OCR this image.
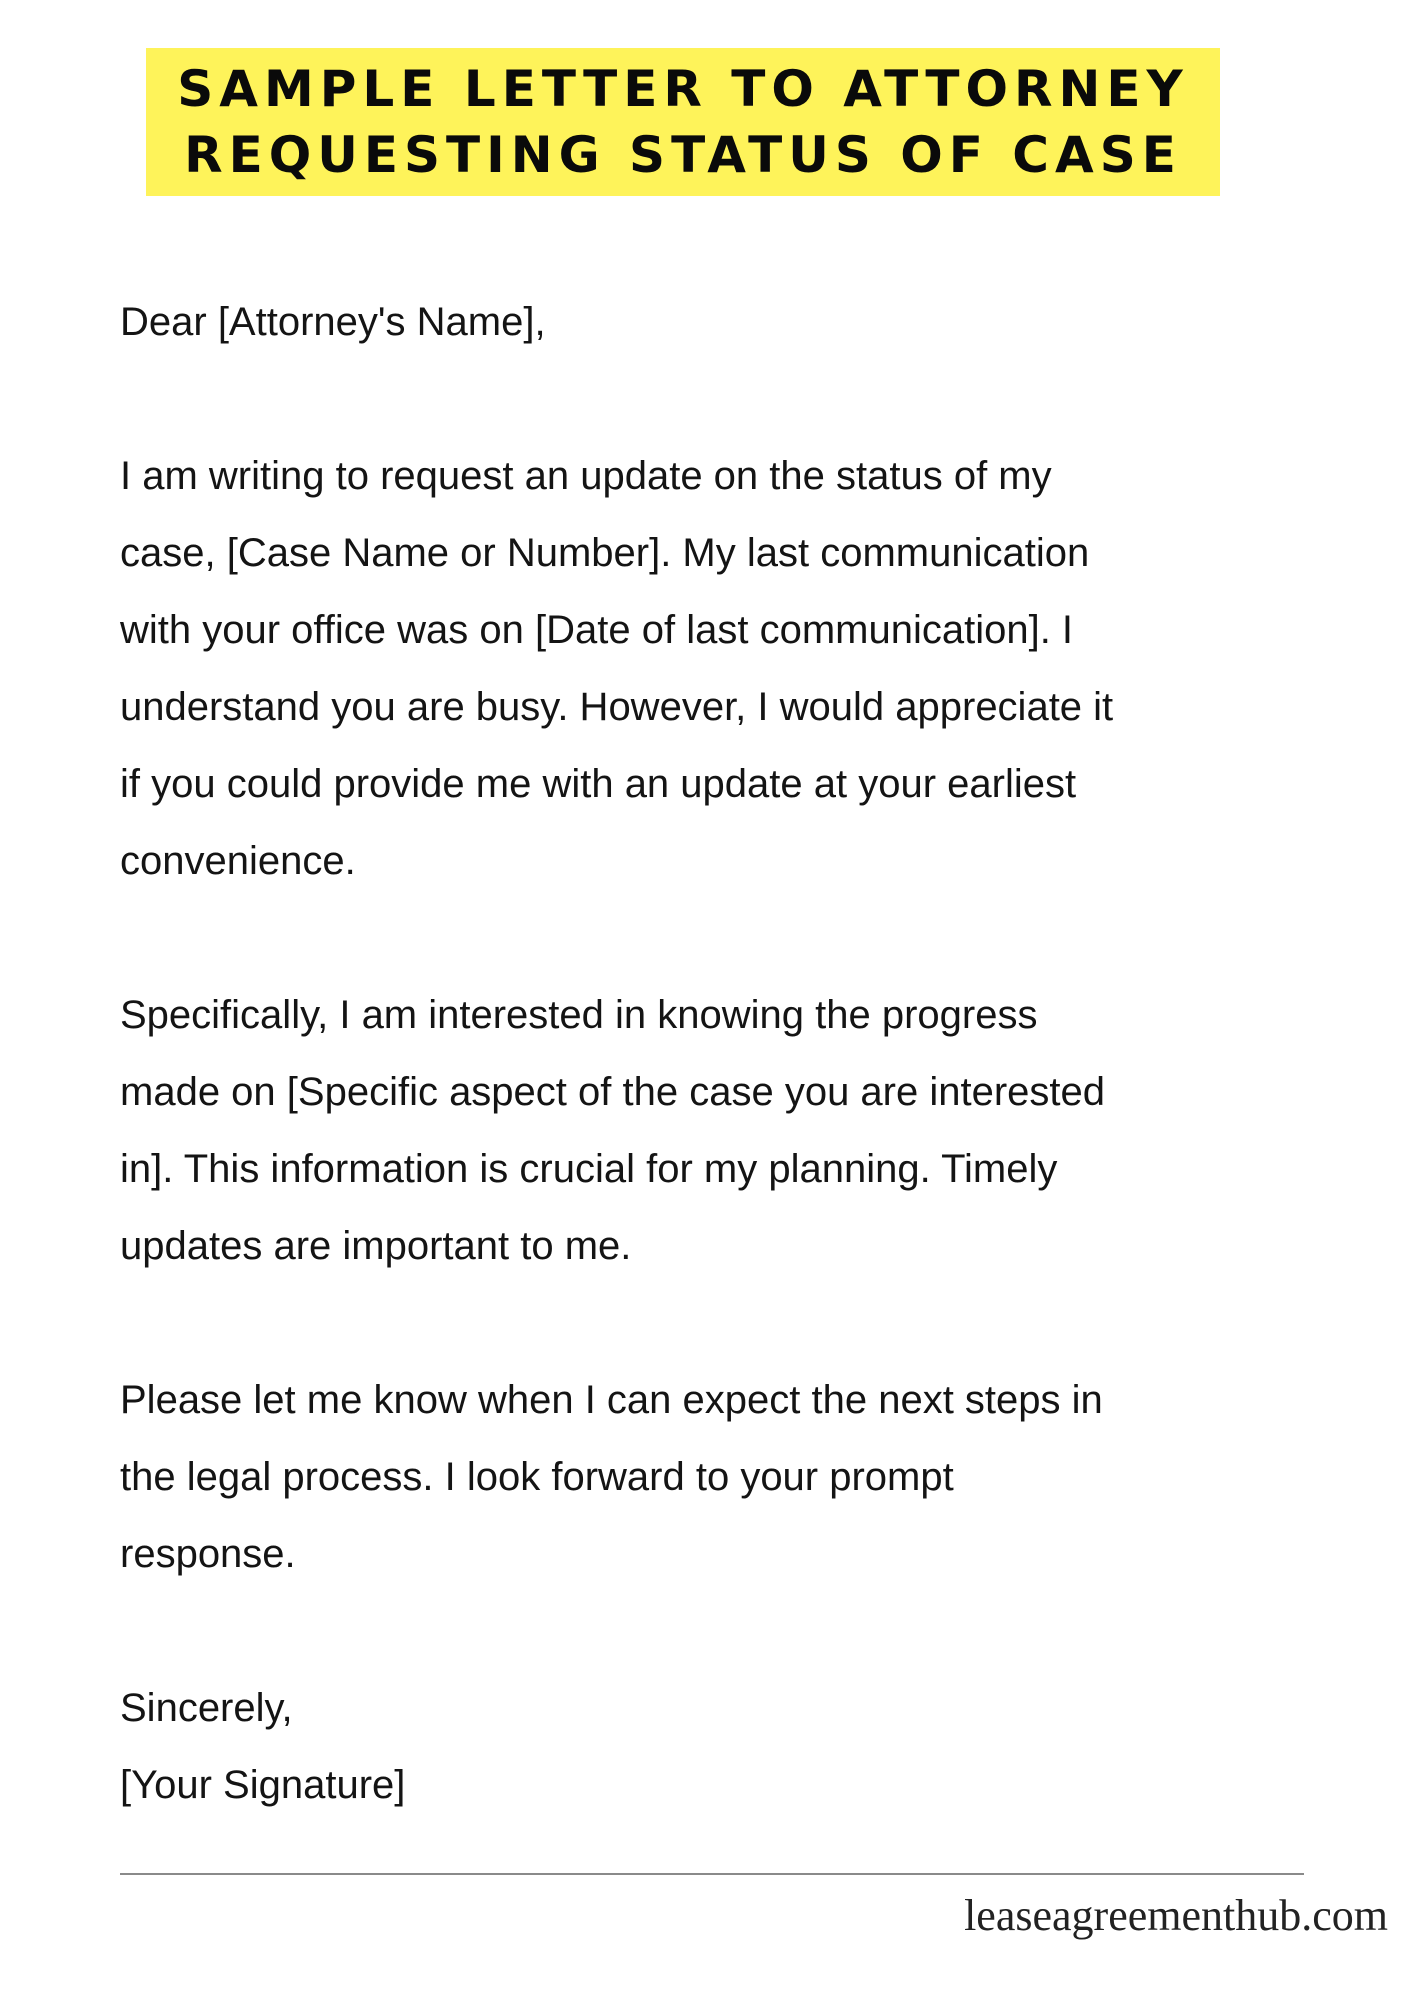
SAMPLE LETTER TO ATTORNEY
REQUESTING STATUS OF CASE
Dear [Attorney's Name],
I am writing to request an update on the status of my
case, [Case Name or Number]. My last communication
with your office was on [Date of last communication]. I
understand you are busy. However, I would appreciate it
if you could provide me with an update at your earliest
convenience.
Specifically, I am interested in knowing the progress
made on [Specific aspect of the case you are interested
in]. This information is crucial for my planning. Timely
updates are important to me.
Please let me know when I can expect the next steps in
the legal process. I look forward to your prompt
response.
Sincerely,
[Your Signature]
leaseagreementhub.com
